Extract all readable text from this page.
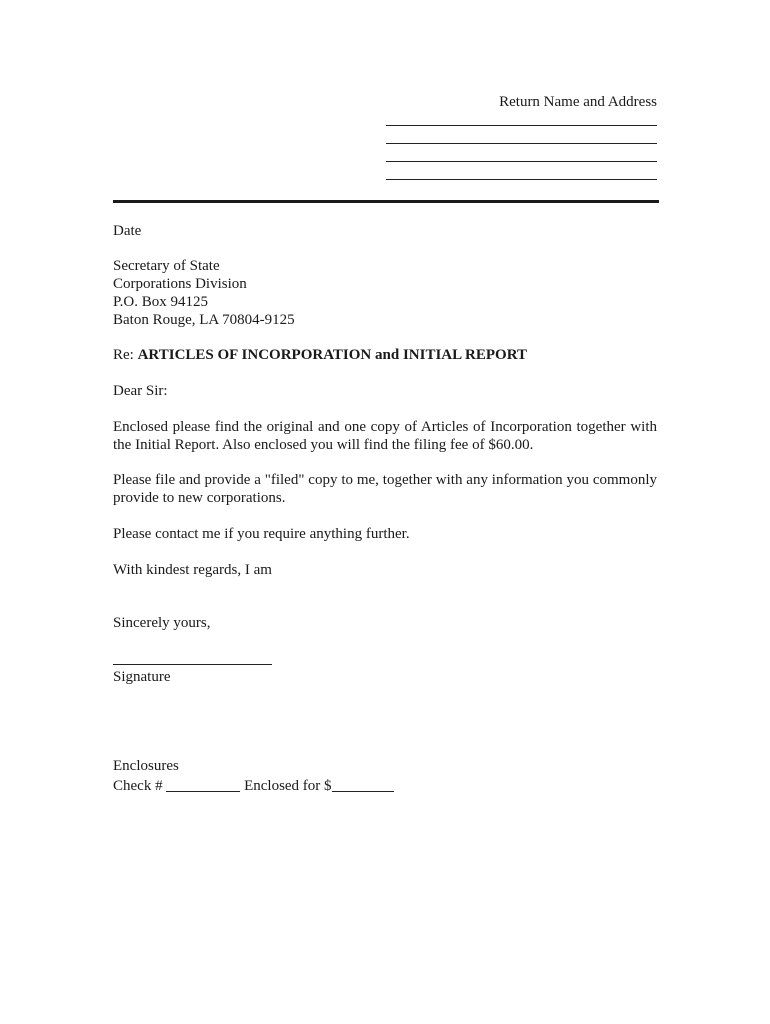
Return Name and Address
Date
Secretary of State
Corporations Division
P.O. Box 94125
Baton Rouge, LA 70804-9125
Re: ARTICLES OF INCORPORATION and INITIAL REPORT
Dear Sir:
Enclosed please find the original and one copy of Articles of Incorporation together with the Initial Report. Also enclosed you will find the filing fee of $60.00.
Please file and provide a "filed" copy to me, together with any information you commonly provide to new corporations.
Please contact me if you require anything further.
With kindest regards, I am
Sincerely yours,
Signature
Enclosures
Check #	Enclosed for $
